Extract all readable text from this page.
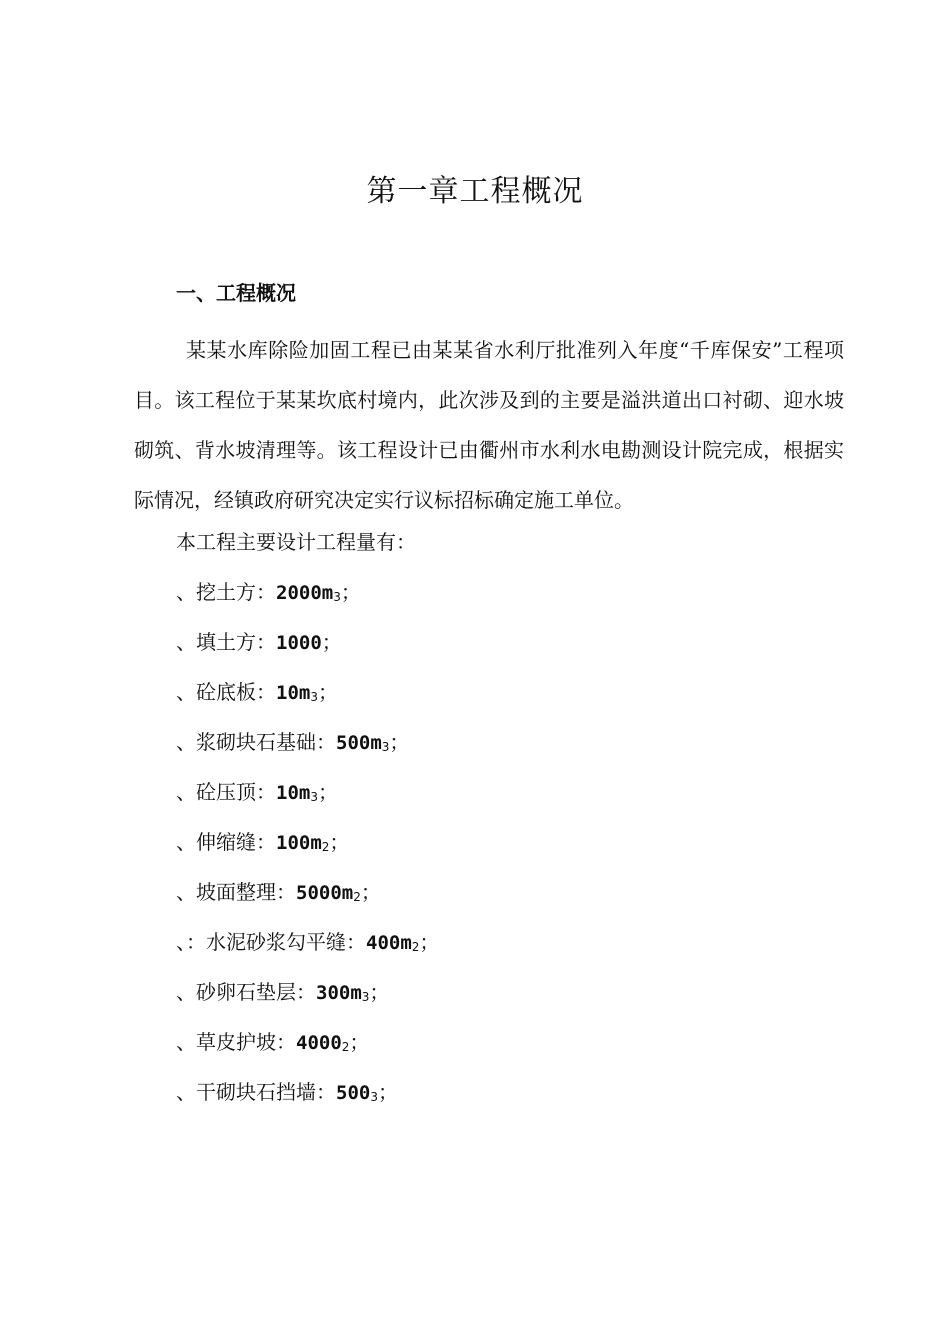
第一章工程概况
一、工程概况

某某水库除险加固工程已由某某省水利厅批准列入年度“千库保安”工程项目。该工程位于某某坎底村境内，此次涉及到的主要是溢洪道出口衬砌、迎水坡砌筑、背水坡清理等。该工程设计已由衢州市水利水电勘测设计院完成，根据实际情况，经镇政府研究决定实行议标招标确定施工单位。

本工程主要设计工程量有：
、挖土方：2000m3；
、填土方：1000；
、砼底板：10m3；
、浆砌块石基础：500m3；
、砼压顶：10m3；
、伸缩缝：100m2；
、坡面整理：5000m2；
、：水泥砂浆勾平缝：400m2；
、砂卵石垫层：300m3；
、草皮护坡：40002；
、干砌块石挡墙：5003；
